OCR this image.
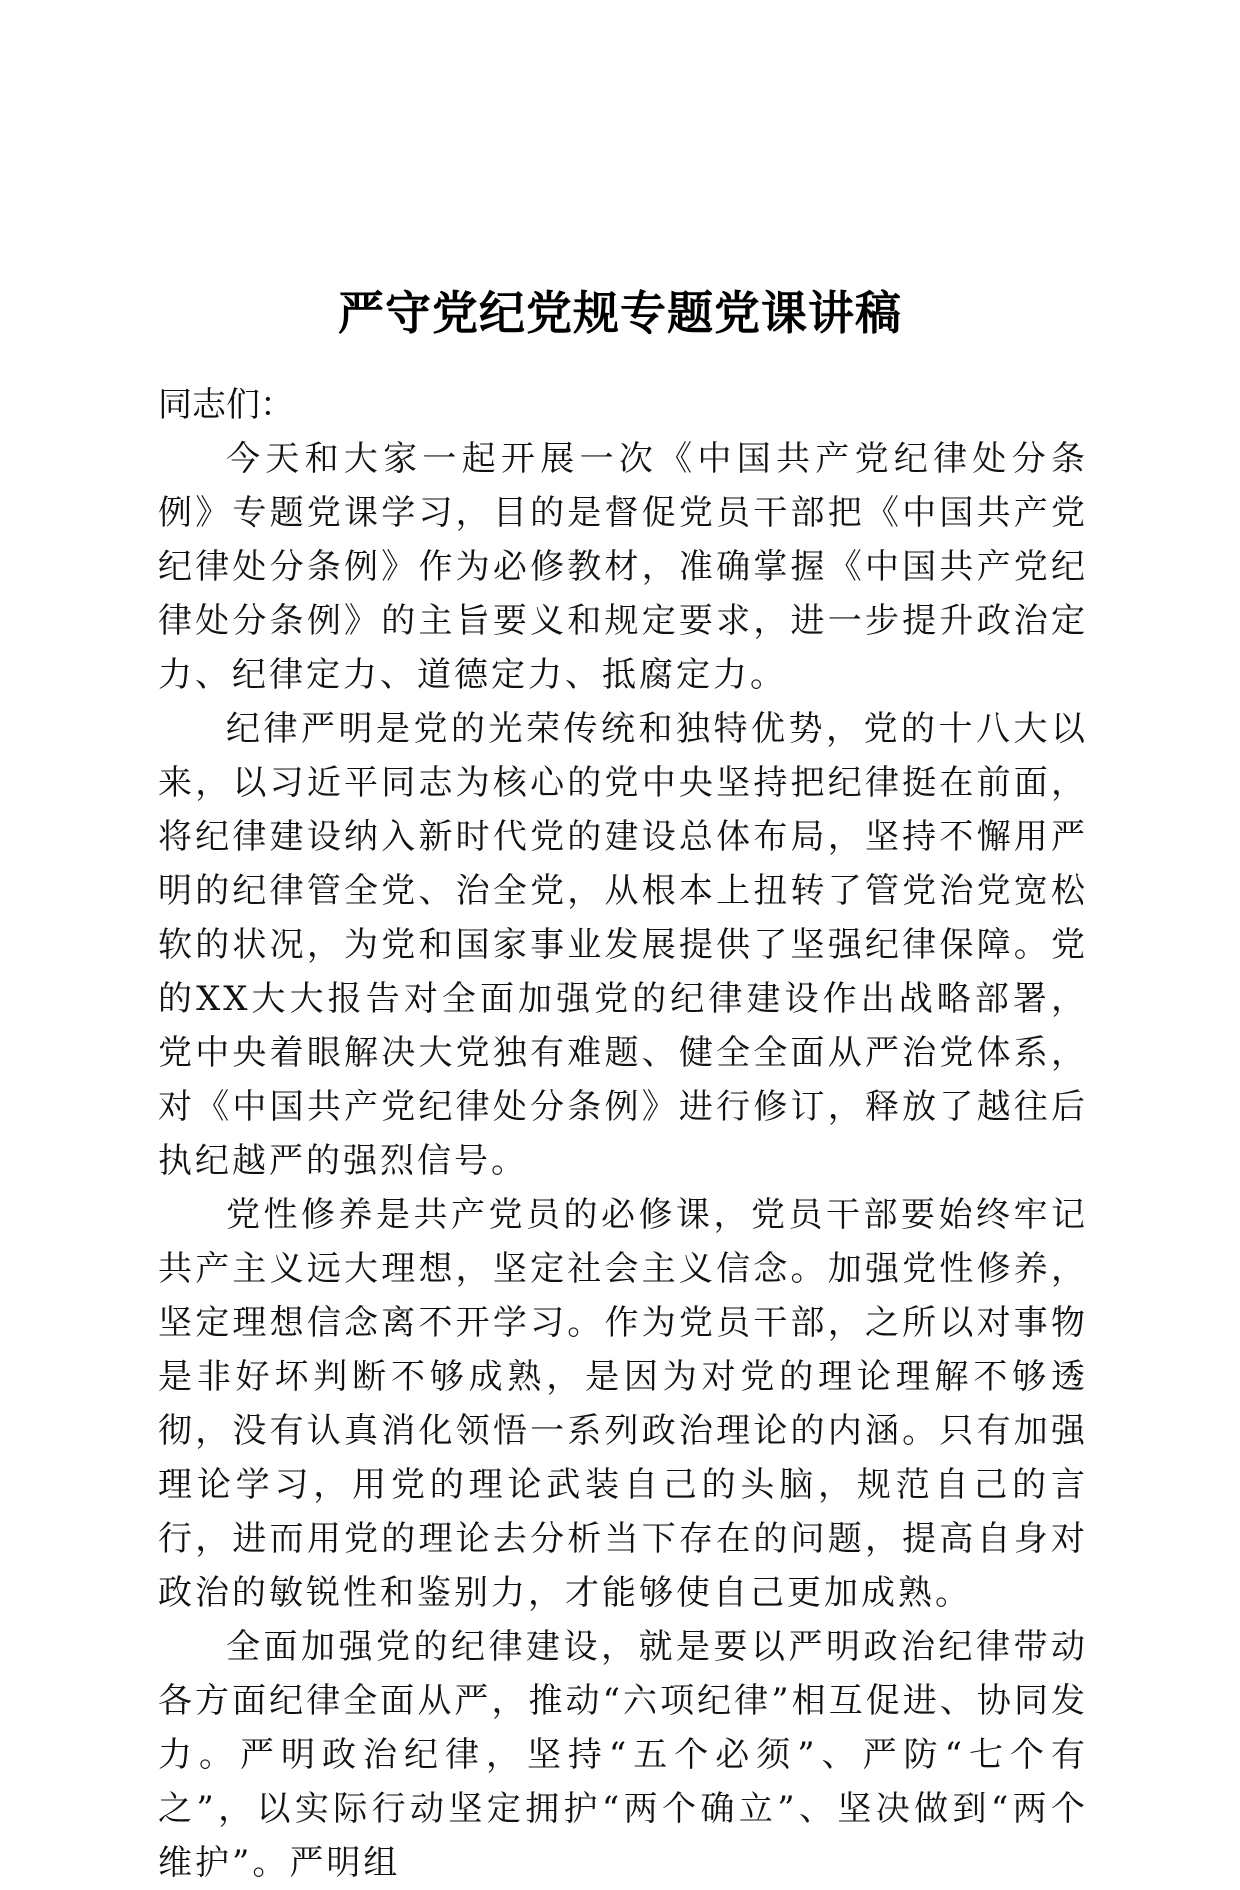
严守党纪党规专题党课讲稿

同志们：

今天和大家一起开展一次《中国共产党纪律处分条例》专题党课学习，目的是督促党员干部把《中国共产党纪律处分条例》作为必修教材，准确掌握《中国共产党纪律处分条例》的主旨要义和规定要求，进一步提升政治定力、纪律定力、道德定力、抵腐定力。

纪律严明是党的光荣传统和独特优势，党的十八大以来，以习近平同志为核心的党中央坚持把纪律挺在前面，将纪律建设纳入新时代党的建设总体布局，坚持不懈用严明的纪律管全党、治全党，从根本上扭转了管党治党宽松软的状况，为党和国家事业发展提供了坚强纪律保障。党的XX大大报告对全面加强党的纪律建设作出战略部署，党中央着眼解决大党独有难题、健全全面从严治党体系，对《中国共产党纪律处分条例》进行修订，释放了越往后执纪越严的强烈信号。

党性修养是共产党员的必修课，党员干部要始终牢记共产主义远大理想，坚定社会主义信念。加强党性修养，坚定理想信念离不开学习。作为党员干部，之所以对事物是非好坏判断不够成熟，是因为对党的理论理解不够透彻，没有认真消化领悟一系列政治理论的内涵。只有加强理论学习，用党的理论武装自己的头脑，规范自己的言行，进而用党的理论去分析当下存在的问题，提高自身对政治的敏锐性和鉴别力，才能够使自己更加成熟。

全面加强党的纪律建设，就是要以严明政治纪律带动各方面纪律全面从严，推动“六项纪律”相互促进、协同发力。严明政治纪律，坚持“五个必须”、严防“七个有之”，以实际行动坚定拥护“两个确立”、坚决做到“两个维护”。严明组
